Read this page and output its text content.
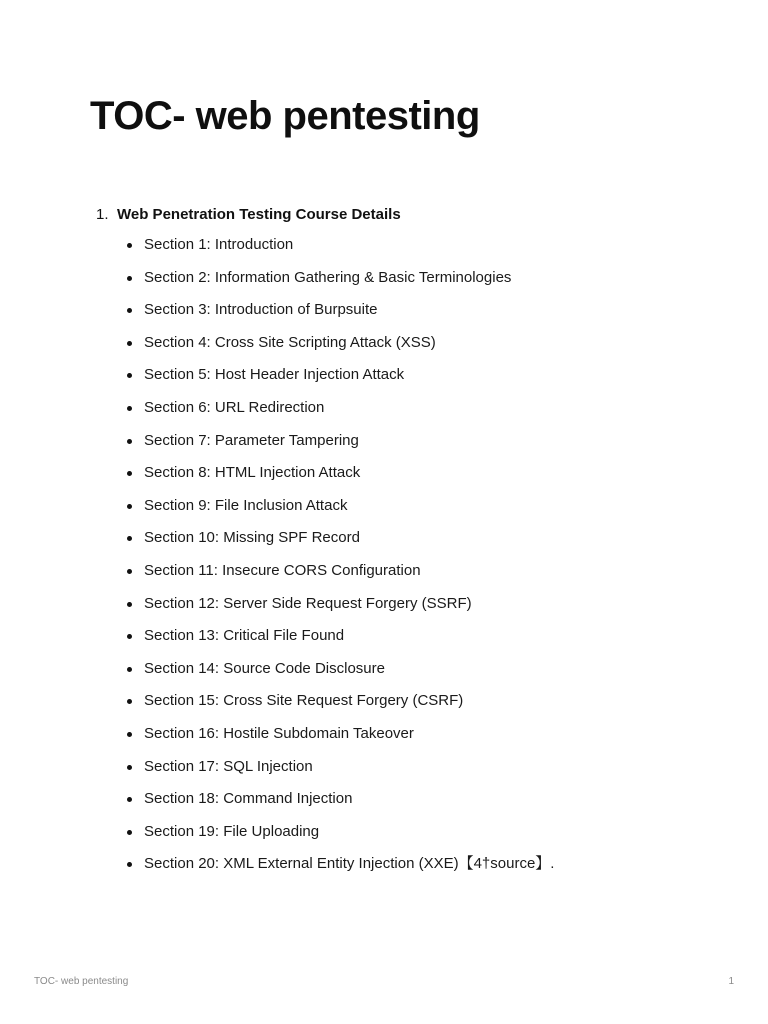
TOC- web pentesting
1. Web Penetration Testing Course Details
Section 1: Introduction
Section 2: Information Gathering & Basic Terminologies
Section 3: Introduction of Burpsuite
Section 4: Cross Site Scripting Attack (XSS)
Section 5: Host Header Injection Attack
Section 6: URL Redirection
Section 7: Parameter Tampering
Section 8: HTML Injection Attack
Section 9: File Inclusion Attack
Section 10: Missing SPF Record
Section 11: Insecure CORS Configuration
Section 12: Server Side Request Forgery (SSRF)
Section 13: Critical File Found
Section 14: Source Code Disclosure
Section 15: Cross Site Request Forgery (CSRF)
Section 16: Hostile Subdomain Takeover
Section 17: SQL Injection
Section 18: Command Injection
Section 19: File Uploading
Section 20: XML External Entity Injection (XXE)【4†source】.
TOC- web pentesting	1
